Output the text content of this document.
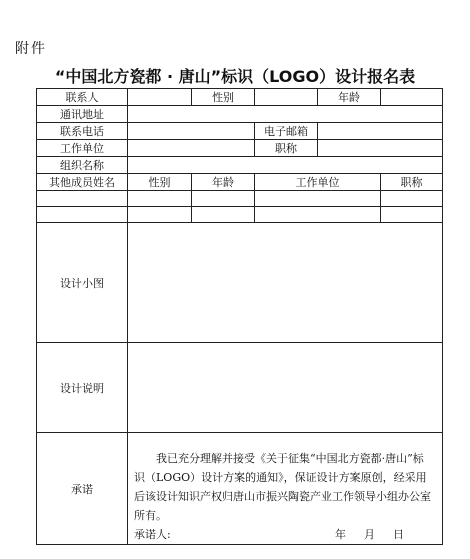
附件
“中国北方瓷都 · 唐山”标识（LOGO）设计报名表
联系人		性别		年龄	
通讯地址					
联系电话			电子邮箱		
工作单位			职称		
组织名称					
其他成员姓名	性别	年龄	工作单位		职称

设计小图					
设计说明					
承诺	我已充分理解并接受《关于征集“中国北方瓷都·唐山”标识（LOGO）设计方案的通知》，保证设计方案原创，经采用后该设计知识产权归唐山市振兴陶瓷产业工作领导小组办公室所有。

承诺人: 年 月 日				
